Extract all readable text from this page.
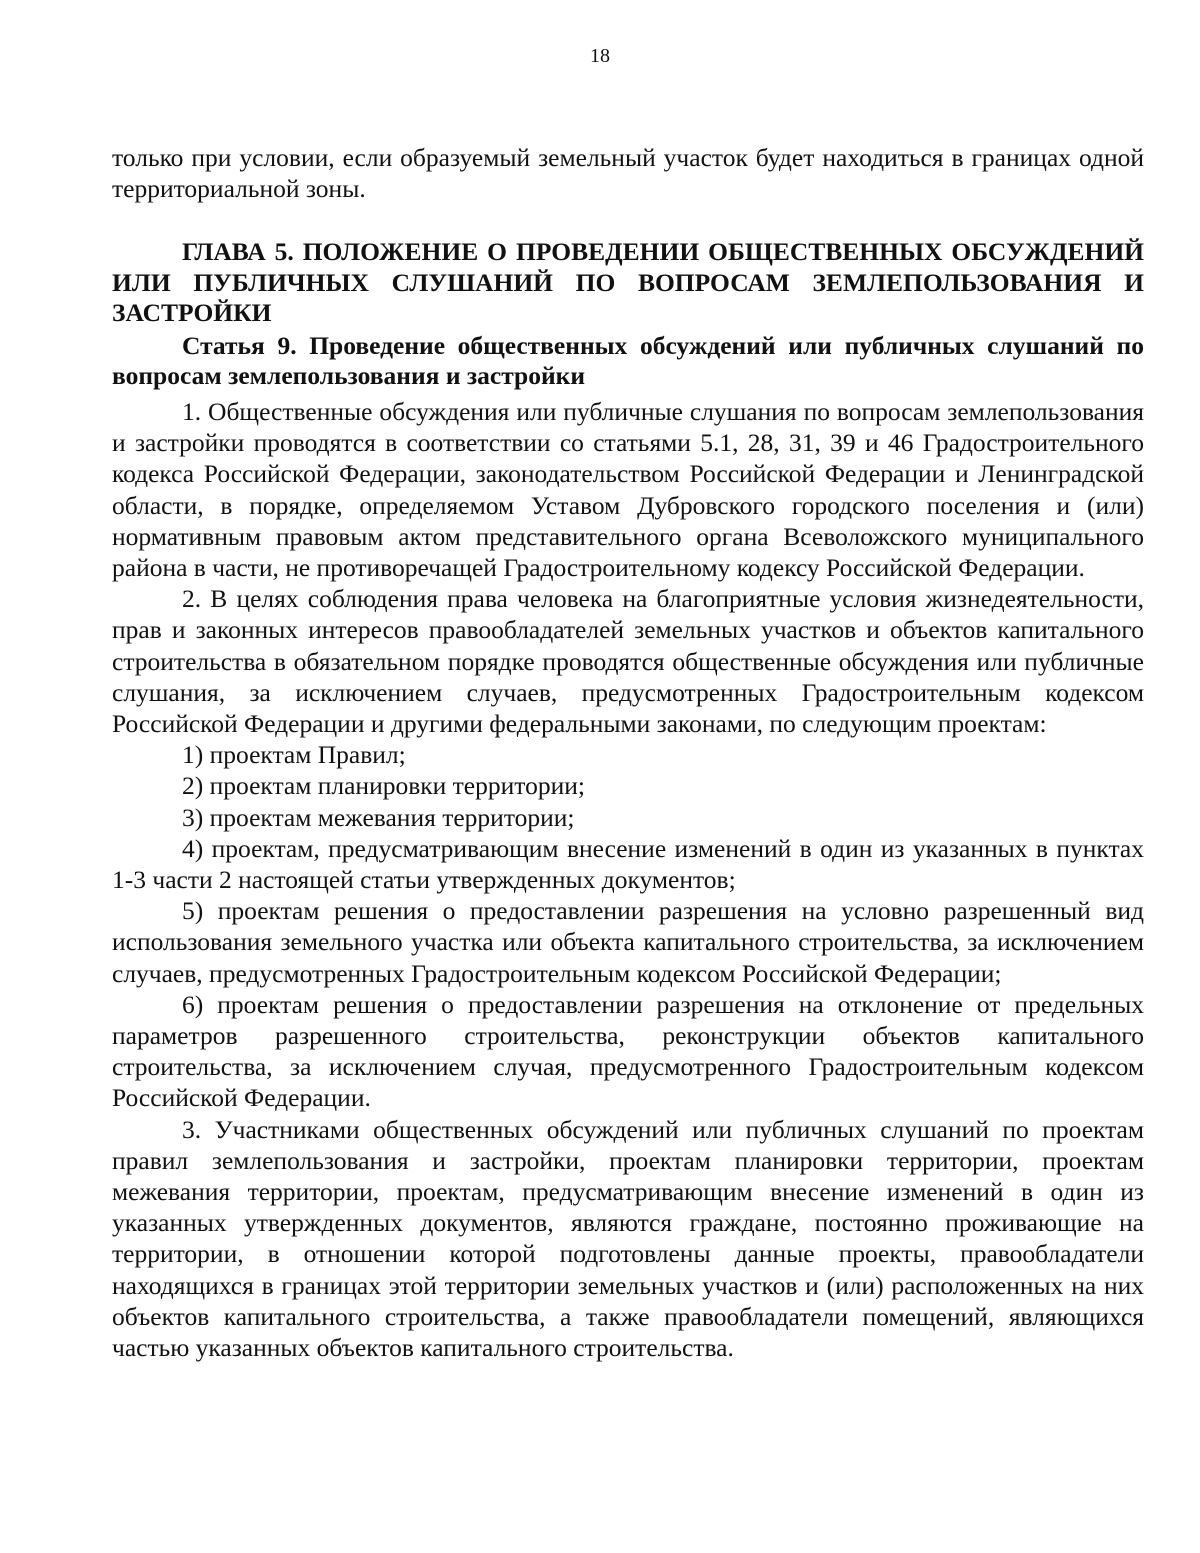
18

только при условии, если образуемый земельный участок будет находиться в границах одной территориальной зоны.

ГЛАВА 5. ПОЛОЖЕНИЕ О ПРОВЕДЕНИИ ОБЩЕСТВЕННЫХ ОБСУЖДЕНИЙ ИЛИ ПУБЛИЧНЫХ СЛУШАНИЙ ПО ВОПРОСАМ ЗЕМЛЕПОЛЬЗОВАНИЯ И ЗАСТРОЙКИ

Статья 9. Проведение общественных обсуждений или публичных слушаний по вопросам землепользования и застройки

1. Общественные обсуждения или публичные слушания по вопросам землепользования и застройки проводятся в соответствии со статьями 5.1, 28, 31, 39 и 46 Градостроительного кодекса Российской Федерации, законодательством Российской Федерации и Ленинградской области, в порядке, определяемом Уставом Дубровского городского поселения и (или) нормативным правовым актом представительного органа Всеволожского муниципального района в части, не противоречащей Градостроительному кодексу Российской Федерации.

2. В целях соблюдения права человека на благоприятные условия жизнедеятельности, прав и законных интересов правообладателей земельных участков и объектов капитального строительства в обязательном порядке проводятся общественные обсуждения или публичные слушания, за исключением случаев, предусмотренных Градостроительным кодексом Российской Федерации и другими федеральными законами, по следующим проектам:

1) проектам Правил;

2) проектам планировки территории;

3) проектам межевания территории;

4) проектам, предусматривающим внесение изменений в один из указанных в пунктах 1-3 части 2 настоящей статьи утвержденных документов;

5) проектам решения о предоставлении разрешения на условно разрешенный вид использования земельного участка или объекта капитального строительства, за исключением случаев, предусмотренных Градостроительным кодексом Российской Федерации;

6) проектам решения о предоставлении разрешения на отклонение от предельных параметров разрешенного строительства, реконструкции объектов капитального строительства, за исключением случая, предусмотренного Градостроительным кодексом Российской Федерации.

3. Участниками общественных обсуждений или публичных слушаний по проектам правил землепользования и застройки, проектам планировки территории, проектам межевания территории, проектам, предусматривающим внесение изменений в один из указанных утвержденных документов, являются граждане, постоянно проживающие на территории, в отношении которой подготовлены данные проекты, правообладатели находящихся в границах этой территории земельных участков и (или) расположенных на них объектов капитального строительства, а также правообладатели помещений, являющихся частью указанных объектов капитального строительства.
